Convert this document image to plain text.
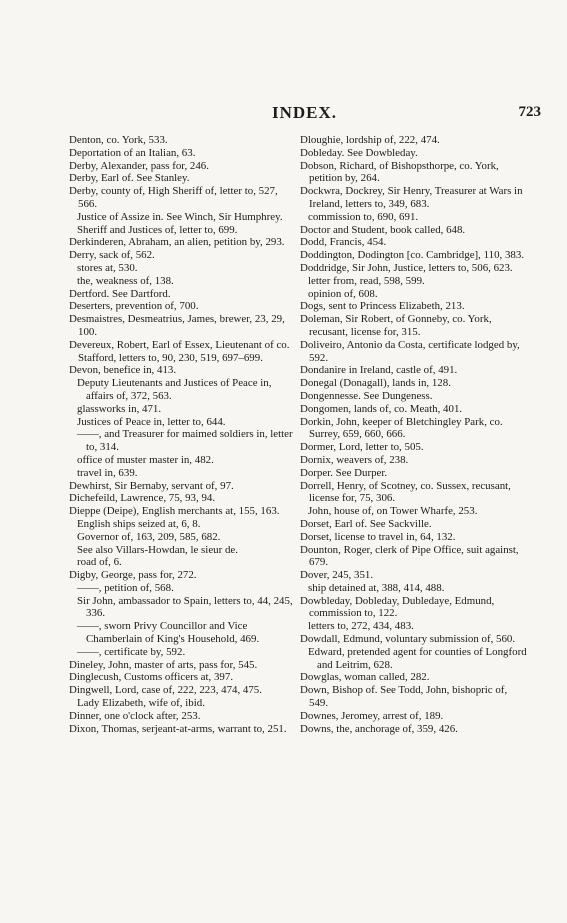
INDEX.	723

Denton, co. York, 533.

Deportation of an Italian, 63.

Derby, Alexander, pass for, 246.

Derby, Earl of. See Stanley.

Derby, county of, High Sheriff of, letter to, 527, 566.

Justice of Assize in. See Winch, Sir Humphrey.

Sheriff and Justices of, letter to, 699.

Derkinderen, Abraham, an alien, petition by, 293.

Derry, sack of, 562.

stores at, 530.

the, weakness of, 138.

Dertford. See Dartford.

Deserters, prevention of, 700.

Desmaistres, Desmeatrius, James, brewer, 23, 29, 100.

Devereux, Robert, Earl of Essex, Lieutenant of co. Stafford, letters to, 90, 230, 519, 697–699.

Devon, benefice in, 413.

Deputy Lieutenants and Justices of Peace in, affairs of, 372, 563.

glassworks in, 471.

Justices of Peace in, letter to, 644.

——, and Treasurer for maimed soldiers in, letter to, 314.

office of muster master in, 482.

travel in, 639.

Dewhirst, Sir Bernaby, servant of, 97.

Dichefeild, Lawrence, 75, 93, 94.

Dieppe (Deipe), English merchants at, 155, 163.

English ships seized at, 6, 8.

Governor of, 163, 209, 585, 682.

See also Villars-Howdan, le sieur de.

road of, 6.

Digby, George, pass for, 272.

——, petition of, 568.

Sir John, ambassador to Spain, letters to, 44, 245, 336.

——, sworn Privy Councillor and Vice Chamberlain of King's Household, 469.

——, certificate by, 592.

Dineley, John, master of arts, pass for, 545.

Dinglecush, Customs officers at, 397.

Dingwell, Lord, case of, 222, 223, 474, 475.

Lady Elizabeth, wife of, ibid.

Dinner, one o'clock after, 253.

Dixon, Thomas, serjeant-at-arms, warrant to, 251.

Dloughie, lordship of, 222, 474.

Dobleday. See Dowbleday.

Dobson, Richard, of Bishopsthorpe, co. York, petition by, 264.

Dockwra, Dockrey, Sir Henry, Treasurer at Wars in Ireland, letters to, 349, 683.

commission to, 690, 691.

Doctor and Student, book called, 648.

Dodd, Francis, 454.

Doddington, Dodington [co. Cambridge], 110, 383.

Doddridge, Sir John, Justice, letters to, 506, 623.

letter from, read, 598, 599.

opinion of, 608.

Dogs, sent to Princess Elizabeth, 213.

Doleman, Sir Robert, of Gonneby, co. York, recusant, license for, 315.

Doliveiro, Antonio da Costa, certificate lodged by, 592.

Dondanire in Ireland, castle of, 491.

Donegal (Donagall), lands in, 128.

Dongennesse. See Dungeness.

Dongomen, lands of, co. Meath, 401.

Dorkin, John, keeper of Bletchingley Park, co. Surrey, 659, 660, 666.

Dormer, Lord, letter to, 505.

Dornix, weavers of, 238.

Dorper. See Durper.

Dorrell, Henry, of Scotney, co. Sussex, recusant, license for, 75, 306.

John, house of, on Tower Wharfe, 253.

Dorset, Earl of. See Sackville.

Dorset, license to travel in, 64, 132.

Dounton, Roger, clerk of Pipe Office, suit against, 679.

Dover, 245, 351.

ship detained at, 388, 414, 488.

Dowbleday, Dobleday, Dubledaye, Edmund, commission to, 122.

letters to, 272, 434, 483.

Dowdall, Edmund, voluntary submission of, 560.

Edward, pretended agent for counties of Longford and Leitrim, 628.

Dowglas, woman called, 282.

Down, Bishop of. See Todd, John, bishopric of, 549.

Downes, Jeromey, arrest of, 189.

Downs, the, anchorage of, 359, 426.
